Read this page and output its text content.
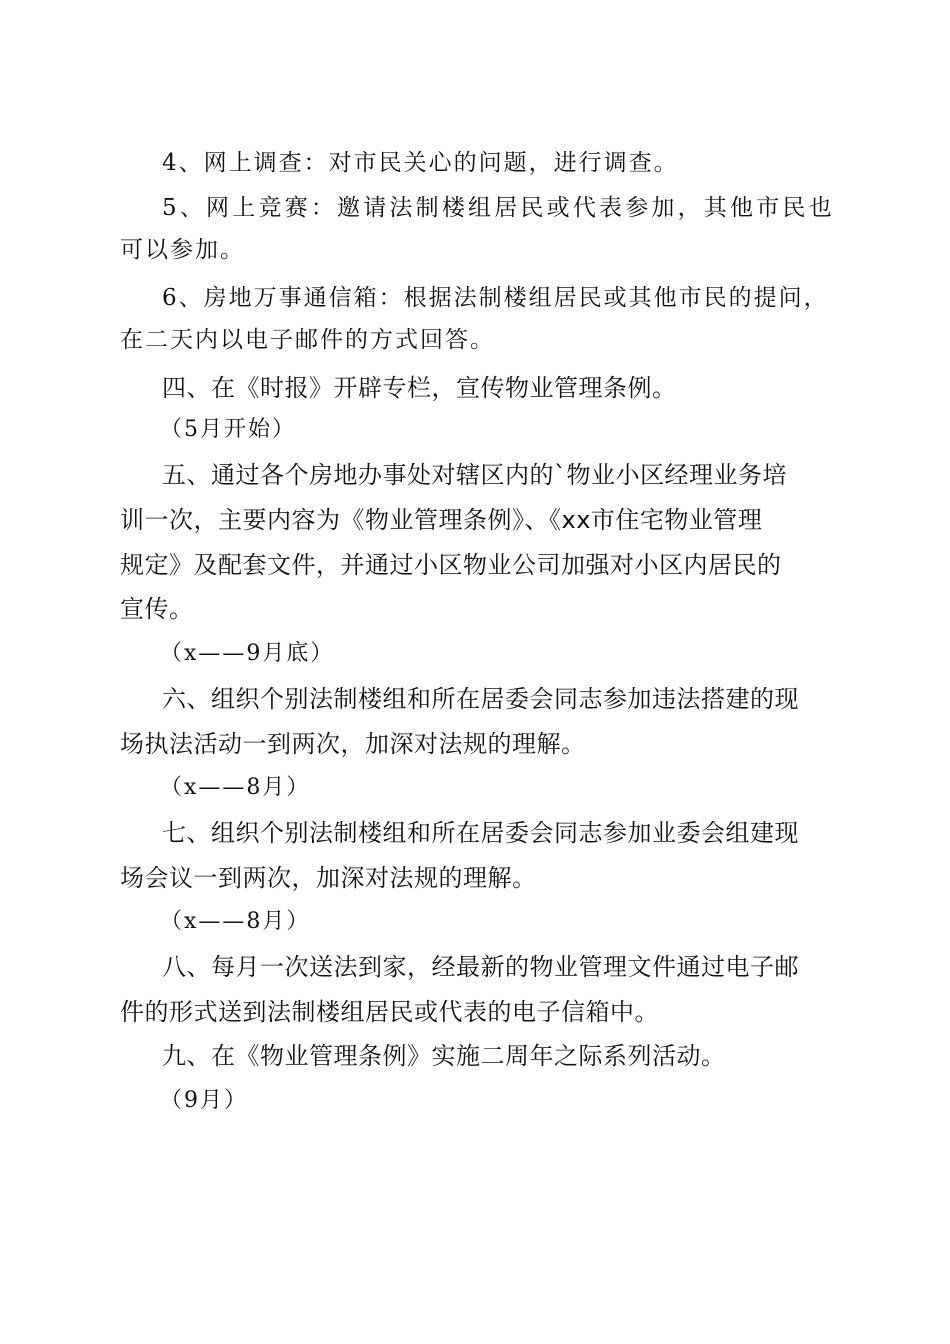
4、网上调查：对市民关心的问题，进行调查。

5、网上竞赛：邀请法制楼组居民或代表参加，其他市民也

可以参加。

6、房地万事通信箱：根据法制楼组居民或其他市民的提问，

在二天内以电子邮件的方式回答。

四、在《时报》开辟专栏，宣传物业管理条例。

（5月开始）

五、通过各个房地办事处对辖区内的`物业小区经理业务培

训一次，主要内容为《物业管理条例》、《xx市住宅物业管理

规定》及配套文件，并通过小区物业公司加强对小区内居民的

宣传。

（x——9月底）

六、组织个别法制楼组和所在居委会同志参加违法搭建的现

场执法活动一到两次，加深对法规的理解。

（x——8月）

七、组织个别法制楼组和所在居委会同志参加业委会组建现

场会议一到两次，加深对法规的理解。

（x——8月）

八、每月一次送法到家，经最新的物业管理文件通过电子邮

件的形式送到法制楼组居民或代表的电子信箱中。

九、在《物业管理条例》实施二周年之际系列活动。

（9月）
